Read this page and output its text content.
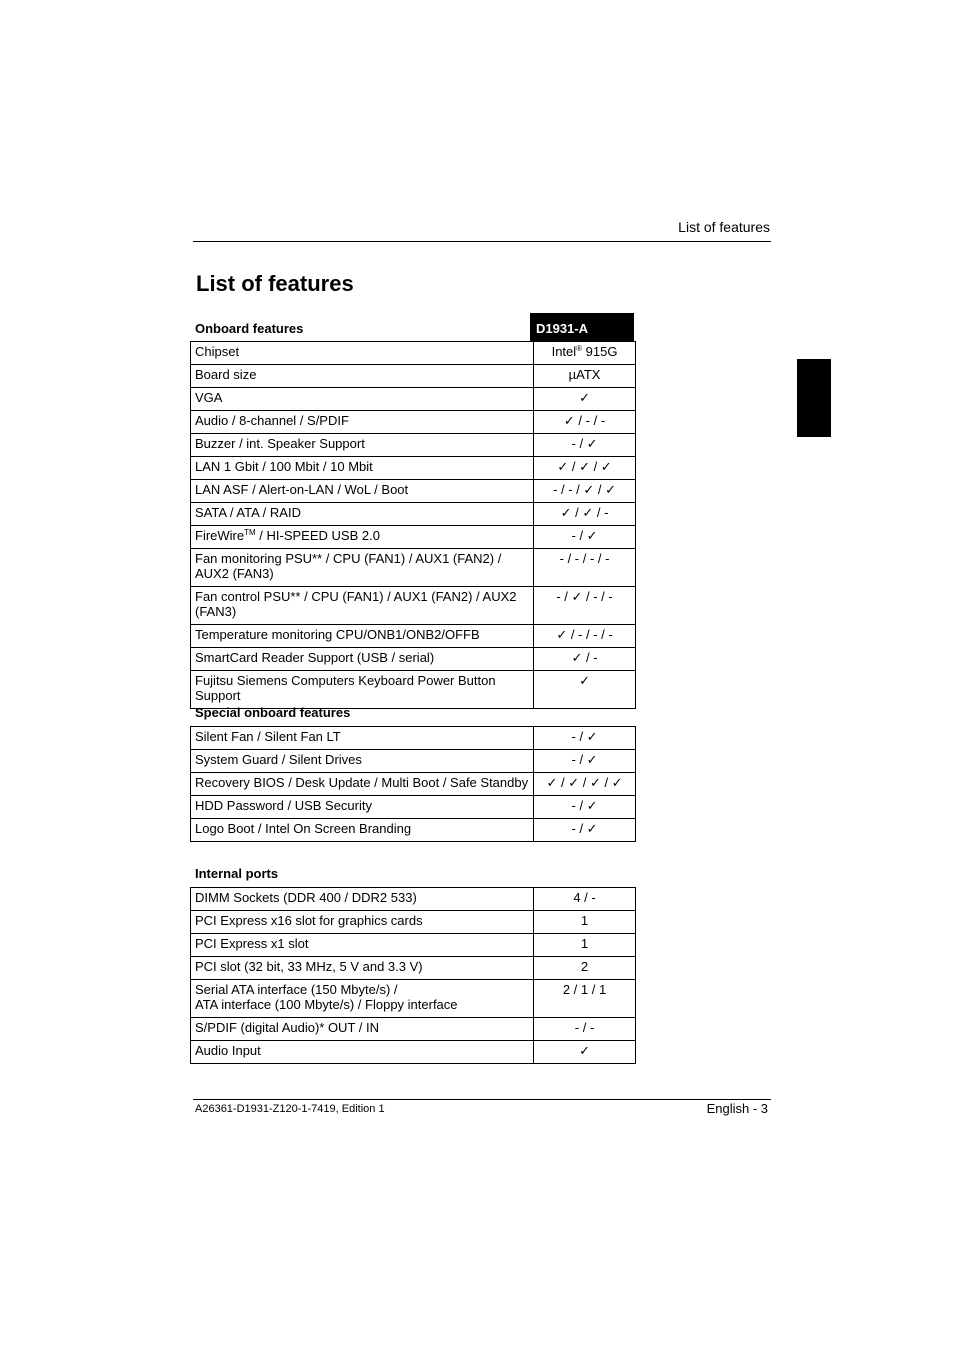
List of features
List of features
Onboard features	D1931-A
Chipset	Intel® 915G
Board size	µATX
VGA	✓
Audio / 8-channel / S/PDIF	✓ / - / -
Buzzer / int. Speaker Support	- / ✓
LAN 1 Gbit / 100 Mbit / 10 Mbit	✓ / ✓ / ✓
LAN ASF / Alert-on-LAN / WoL / Boot	- / - / ✓ / ✓
SATA / ATA / RAID	✓ / ✓ / -
FireWire™ / HI-SPEED USB 2.0	- / ✓
Fan monitoring PSU** / CPU (FAN1) / AUX1 (FAN2) / AUX2 (FAN3)	- / - / - / -
Fan control PSU** / CPU (FAN1) / AUX1 (FAN2) / AUX2 (FAN3)	- / ✓ / - / -
Temperature monitoring CPU/ONB1/ONB2/OFFB	✓ / - / - / -
SmartCard Reader Support (USB / serial)	✓ / -
Fujitsu Siemens Computers Keyboard Power Button Support	✓
Special onboard features
Silent Fan / Silent Fan LT	- / ✓
System Guard / Silent Drives	- / ✓
Recovery BIOS / Desk Update / Multi Boot / Safe Standby	✓ / ✓ / ✓ / ✓
HDD Password / USB Security	- / ✓
Logo Boot / Intel On Screen Branding	- / ✓
Internal ports
DIMM Sockets (DDR 400 / DDR2 533)	4 / -
PCI Express x16 slot for graphics cards	1
PCI Express x1 slot	1
PCI slot (32 bit, 33 MHz, 5 V and 3.3 V)	2
Serial ATA interface (150 Mbyte/s) /
ATA interface (100 Mbyte/s) / Floppy interface	2 / 1 / 1
S/PDIF (digital Audio)* OUT / IN	- / -
Audio Input	✓
A26361-D1931-Z120-1-7419, Edition 1	English - 3
